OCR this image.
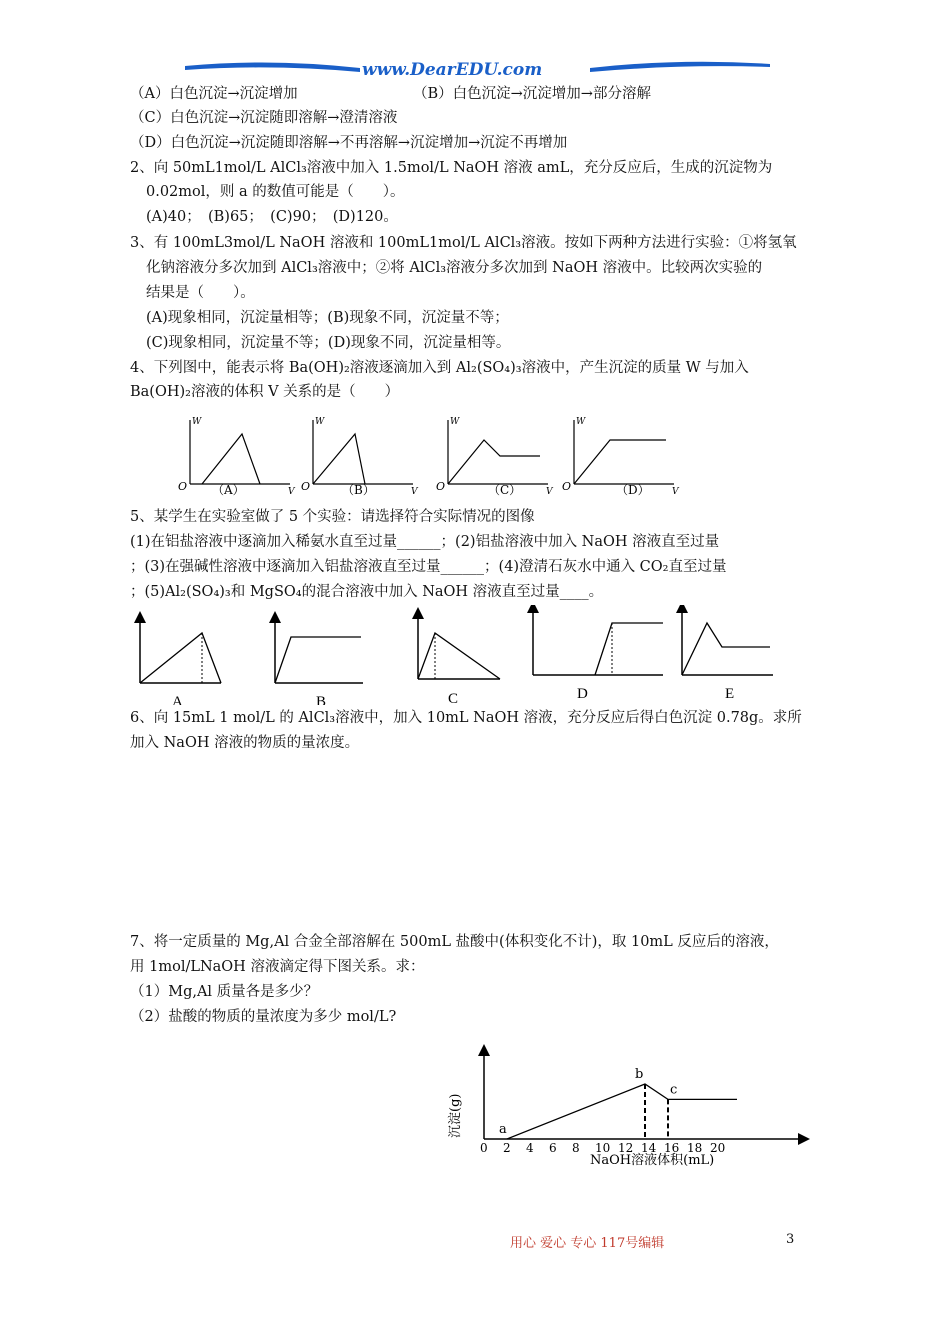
www.DearEDU.com
（A）白色沉淀→沉淀增加	（B）白色沉淀→沉淀增加→部分溶解
（C）白色沉淀→沉淀随即溶解→澄清溶液
（D）白色沉淀→沉淀随即溶解→不再溶解→沉淀增加→沉淀不再增加
2、向 50mL1mol/L AlCl₃溶液中加入 1.5mol/L NaOH 溶液 amL，充分反应后，生成的沉淀物为
0.02mol，则 a 的数值可能是（　　）。
(A)40；　(B)65；　(C)90；　(D)120。
3、有 100mL3mol/L NaOH 溶液和 100mL1mol/L AlCl₃溶液。按如下两种方法进行实验：①将氢氧
化钠溶液分多次加到 AlCl₃溶液中；②将 AlCl₃溶液分多次加到 NaOH 溶液中。比较两次实验的
结果是（　　）。
(A)现象相同，沉淀量相等；(B)现象不同，沉淀量不等；
(C)现象相同，沉淀量不等；(D)现象不同，沉淀量相等。
4、下列图中，能表示将 Ba(OH)₂溶液逐滴加入到 Al₂(SO₄)₃溶液中，产生沉淀的质量 W 与加入
Ba(OH)₂溶液的体积 V 关系的是（　　）
W
O	V
（A）
W
O	V
（B）
W
O	V
（C）
W
O	V
（D）
5、某学生在实验室做了 5 个实验：请选择符合实际情况的图像
(1)在铝盐溶液中逐滴加入稀氨水直至过量______；(2)铝盐溶液中加入 NaOH 溶液直至过量
；(3)在强碱性溶液中逐滴加入铝盐溶液直至过量______；(4)澄清石灰水中通入 CO₂直至过量
；(5)Al₂(SO₄)₃和 MgSO₄的混合溶液中加入 NaOH 溶液直至过量____。
A	B	C	D	E
6、向 15mL 1 mol/L 的 AlCl₃溶液中，加入 10mL NaOH 溶液，充分反应后得白色沉淀 0.78g。求所
加入 NaOH 溶液的物质的量浓度。
7、将一定质量的 Mg,Al 合金全部溶解在 500mL 盐酸中(体积变化不计)，取 10mL 反应后的溶液，
用 1mol/LNaOH 溶液滴定得下图关系。求：
（1）Mg,Al 质量各是多少？
（2）盐酸的物质的量浓度为多少 mol/L?
沉淀(g)
NaOH溶液体积(mL)
0 2 4 6 8 10 12 14 16 18 20
a
b
c
用心 爱心 专心 117号编辑	3
